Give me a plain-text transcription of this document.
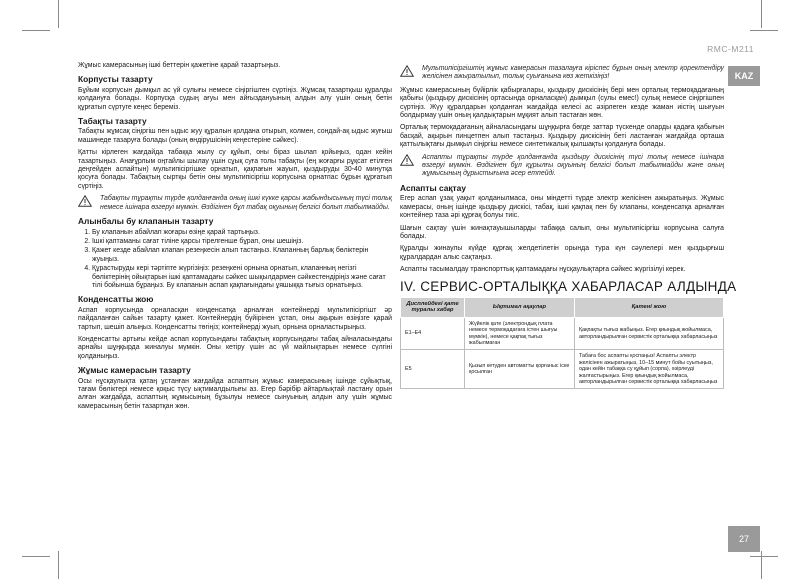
RMC-M211
KAZ
27

Жұмыс камерасының ішкі беттерін қажетіне қарай тазартыңыз.

Корпусты тазарту

Бұйым корпусын дымқыл ас үй сулығы немесе сіңіргіштен сүртіңіз. Жұмсақ тазартқыш құралды қолдануға болады. Корпусқа судың ағуы мен айғыздануының алдын алу үшін оның бетін құрғатып сүртуге кеңес береміз.

Табақты тазарту

Табақты жұмсақ сіңіргіш пен ыдыс жуу құралын қолдана отырып, колмен, сондай-ақ ыдыс жуғыш машинеде тазаруға болады (оның өндірушісінің кеңестеріне сәйкес).

Қатты кірлеген жағдайда табаққа жылу су құйып, оны біраз шылап қойыңыз, одан кейін тазартыңыз. Анағұрлым оңтайлы шылау үшін сұық суға толы табақты (ең жоғарғы рұқсат етілген деңгейден аспайтын) мультипісіргішке орнатып, қақпағын жауып, қыздыруды 30-40 минутқа қосуға болады. Табақтың сыртқы бетін оны мультипісіргіш корпусына орнатпас бұрын құрғатып сүртіңіз.

Табақты тұрақты түрде қолданғанда оның ішкі күкке қарсы жабындысының түсі тольқ немесе ішінара өзгеруі мүмкін. Өздігінен бұл табақ оқуының белгісі болып табылмайды.
Алынбалы бу клапанын тазарту
1. Бу клапанын абайлап жоғары өзіңе қарай тартыңыз.
2. Ішкі қаптаманы сағат тіліне қарсы тірелгенше бұрап, оны шешіңіз.
3. Қажет кезде абайлап клапан резеңкесін алып тастаңыз. Клапанның барлық бөліктерін жуыңыз.
4. Құрастыруды кері тәртіпте жүргізіңіз: резеңкені орнына орнатып, клапанның негізгі бөліктерінің ойықтарын ішкі қаптамадағы сәйкес шықылдармен сәйкестендіріңіз және сағат тілі бойынша бұраңыз. Бу клапанын аспап қақпағындағы ұяшыққа тығыз орнатыңыз.
Конденсатты жою

Аспап корпусында орналасқан конденсатқа арналған контейнердi мультипісіргішт әр пайдаланған сайын тазарту қажет. Контейнердің бүйірінен ұстап, оны ақырын өзіңізге қарай тартып, шешіп алыңыз. Конденсатты төгіңіз; контейнердi жуып, орнына орналастырыңыз.

Конденсатты артығы кейде аспап корпусындағы табақтың корпусындағы табақ айналасындағы арнайы шұңқырда жиналуы мүмкін. Оны кетіру үшін ас үй майлықтарын немесе сүлгіні қолданыңыз.

Жұмыс камерасын тазарту

Осы нұсқаулықта қатаң ұстанған жағдайда аспаптың жұмыс камерасының ішінде сұйықтық, тағам бөліктері немесе қоқыс түсу ықтималдылығы аз. Егер бәрібір айтарлықтай ластану орын алған жағдайда, аспаптың жұмысының бұзылуы немесе сынуының алдын алу үшін жұмыс камерасының бетін тазартқан жөн.

Мультипісіргіштің жұмыс камерасын тазалауға кіріспес бұрын оның электр қоректендіру желісінен ажыратылып, толық суығанына көз жеткізіңіз!

Жұмыс камерасының бүйірлік қабырғалары, қыздыру дискісінің бері мен орталық термоқадағаның қабығы (қыздыру дискісінің ортасында орналасқан) дымқыл (сулы емес!) сулық немесе сіңіргішпен сүртіңіз. Жүу құралдарын қолданған жағдайда келесі ас әзірлеген кезде жаман иістің шығуын болдырмау үшін оның қалдықтарын мұқият алып тастаған жөн.

Орталық термоқадағаның айналасындағы шұңқырға бөгде заттар түскенде оларды қадаға қабығын басқай, ақырын пинцетпен алып тастаңыз. Қыздыру дискісінің беті ластанған жағдайда орташа қаттылықтағы дымқыл сіңіргіш немесе синтетикалық қылшақты қолдануға болады.

Аспапты тұрақты түрде қолданғанда қыздыру дискісінің түсі тольқ немесе ішінара өзгеруі мүмкін. Өздігінен бұл құрылғы оқуының белгісі болып табылмайды және оның жұмысының дұрыстығына әсер етпейді.
Аспапты сақтау

Егер аспап ұзақ уақыт қолданылмаса, оны міндетті түрде электр желісінен ажыратыңыз. Жұмыс камерасы, оның ішінде қыздыру дискісі, табақ, ішкі қақпақ пен бу клапаны, конденсатқа арналған контейнер таза әрі құрғақ болуы тиіс.

Шағын сақтау үшін жинақтауышыларды табаққа салып, оны мультипісіргіш корпусына салуға болады.

Құралды жинаулы күйде құрғақ желдетілетін орында тура күн сәулелері мен қыздырғыш құралдардан алыс сақтаңыз.

Аспапты тасымалдау транспорттық қаптамадағы нұсқаулықтарға сәйкес жүргізілуі керек.

IV. СЕРВИС-ОРТАЛЫҚҚА ХАБАРЛАСАР АЛДЫНДА
Дисплейдегі қате туралы хабар	Ықтимал ақаулар	Қатені жою
E1–E4	Жүйелік қате (электрондық плата немесе термоқадағаға істен шығуы мүмкін), немесе қақпақ тығыз жабылмаған	Қақпақты тығыз жабыңыз. Егер қиындық жойылмаса, авторландырылған сервистік орталыққа хабарласыңыз
E5	Қызып кетуден автоматты қорғаныс іске қосылған	Табаға бос аспапты қоспаңыз! Аспапты электр желісінен ажыратыңыз, 10–15 минут бойы суытыңыз, одан кейін табаққа су құйып (сорпа), әзірлеуді жалғастырыңыз. Егер қиындық жойылмаса, авторландырылған сервистік орталыққа хабарласыңыз
